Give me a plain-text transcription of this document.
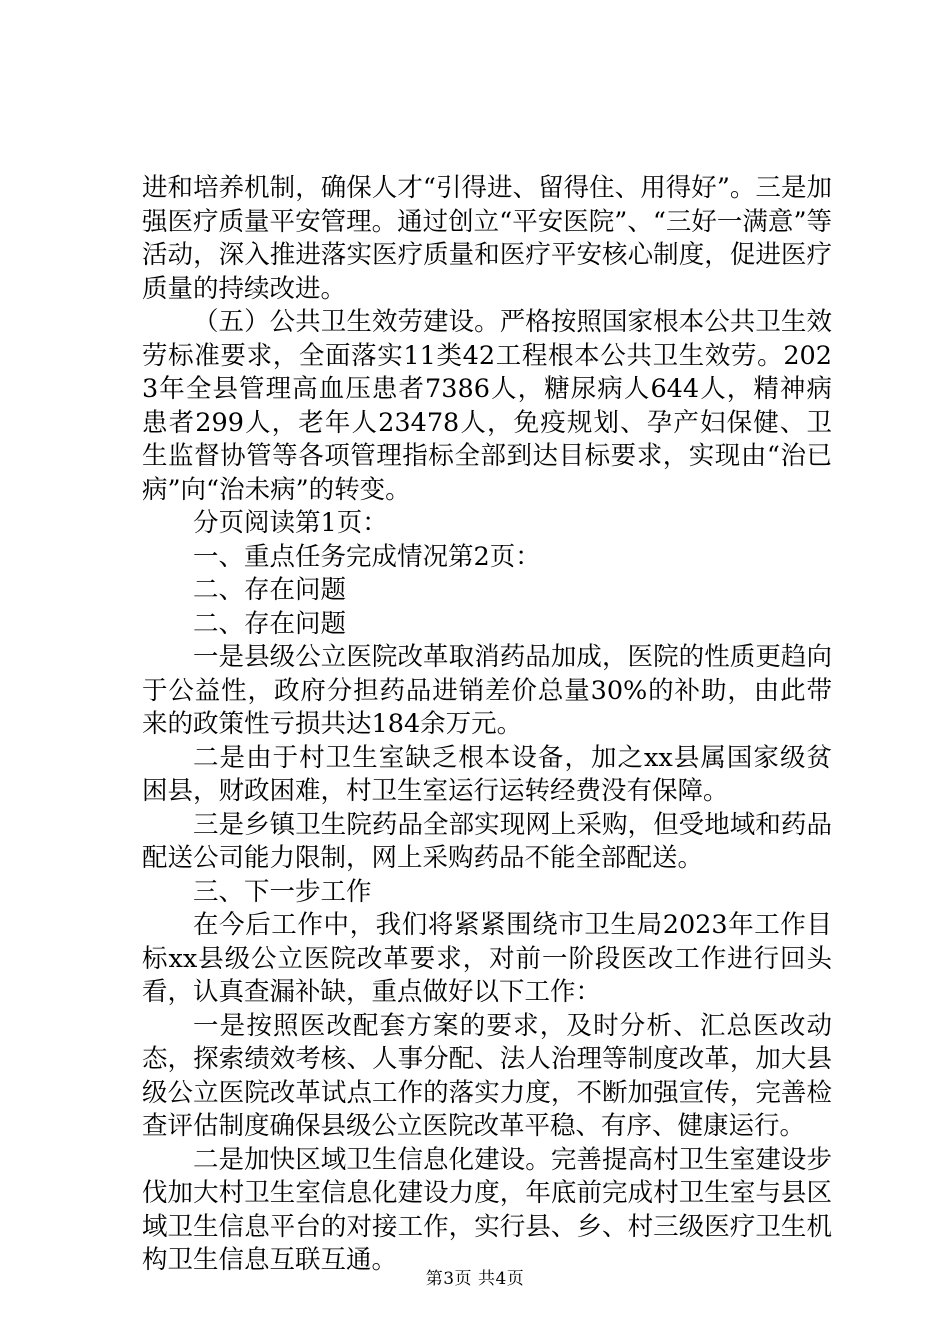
进和培养机制，确保人才“引得进、留得住、用得好”。三是加强医疗质量平安管理。通过创立“平安医院”、“三好一满意”等活动，深入推进落实医疗质量和医疗平安核心制度，促进医疗质量的持续改进。

（五）公共卫生效劳建设。严格按照国家根本公共卫生效劳标准要求，全面落实11类42工程根本公共卫生效劳。2023年全县管理高血压患者7386人，糖尿病人644人，精神病患者299人，老年人23478人，免疫规划、孕产妇保健、卫生监督协管等各项管理指标全部到达目标要求，实现由“治已病”向“治未病”的转变。

分页阅读第1页：

一、重点任务完成情况第2页：

二、存在问题

二、存在问题

一是县级公立医院改革取消药品加成，医院的性质更趋向于公益性，政府分担药品进销差价总量30%的补助，由此带来的政策性亏损共达184余万元。

二是由于村卫生室缺乏根本设备，加之xx县属国家级贫困县，财政困难，村卫生室运行运转经费没有保障。

三是乡镇卫生院药品全部实现网上采购，但受地域和药品配送公司能力限制，网上采购药品不能全部配送。

三、下一步工作

在今后工作中，我们将紧紧围绕市卫生局2023年工作目标xx县级公立医院改革要求，对前一阶段医改工作进行回头看，认真查漏补缺，重点做好以下工作：

一是按照医改配套方案的要求，及时分析、汇总医改动态，探索绩效考核、人事分配、法人治理等制度改革，加大县级公立医院改革试点工作的落实力度，不断加强宣传，完善检查评估制度确保县级公立医院改革平稳、有序、健康运行。

二是加快区域卫生信息化建设。完善提高村卫生室建设步伐加大村卫生室信息化建设力度，年底前完成村卫生室与县区域卫生信息平台的对接工作，实行县、乡、村三级医疗卫生机构卫生信息互联互通。

第3页 共4页
